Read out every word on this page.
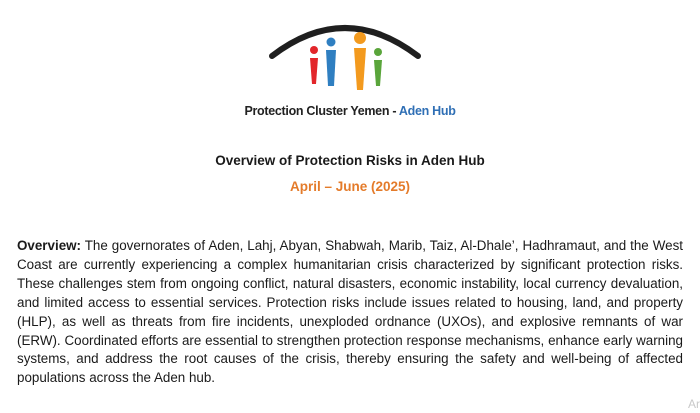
Protection Cluster Yemen - Aden Hub
Overview of Protection Risks in Aden Hub
April – June (2025)

Overview: The governorates of Aden, Lahj, Abyan, Shabwah, Marib, Taiz, Al-Dhale’, Hadhramaut, and the West Coast are currently experiencing a complex humanitarian crisis characterized by significant protection risks. These challenges stem from ongoing conflict, natural disasters, economic instability, local currency devaluation, and limited access to essential services. Protection risks include issues related to housing, land, and property (HLP), as well as threats from fire incidents, unexploded ordnance (UXOs), and explosive remnants of war (ERW). Coordinated efforts are essential to strengthen protection response mechanisms, enhance early warning systems, and address the root causes of the crisis, thereby ensuring the safety and well-being of affected populations across the Aden hub.

Ar
